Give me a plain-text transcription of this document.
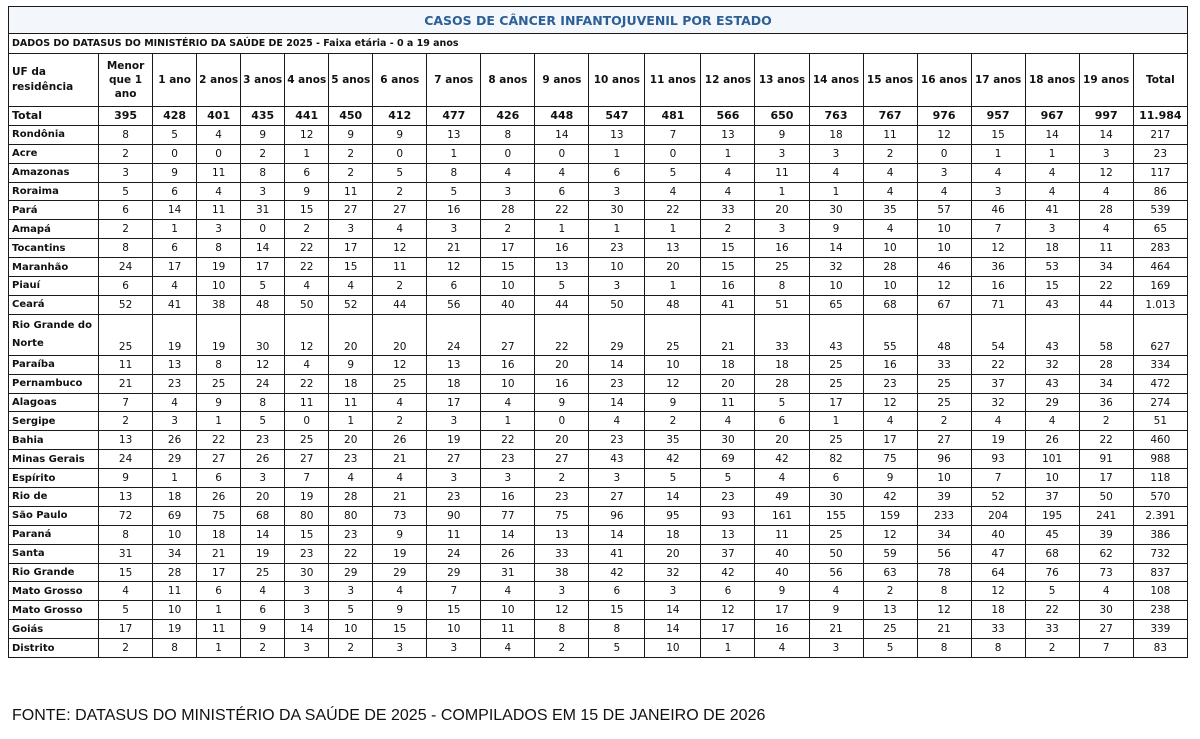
CASOS DE CÂNCER INFANTOJUVENIL POR ESTADO																					
DADOS DO DATASUS DO MINISTÉRIO DA SAÚDE DE 2025 - Faixa etária - 0 a 19 anos																					
UF da residência	Menor que 1 ano	1 ano	2 anos	3 anos	4 anos	5 anos	6 anos	7 anos	8 anos	9 anos	10 anos	11 anos	12 anos	13 anos	14 anos	15 anos	16 anos	17 anos	18 anos	19 anos	Total
Total	395	428	401	435	441	450	412	477	426	448	547	481	566	650	763	767	976	957	967	997	11.984
Rondônia	8	5	4	9	12	9	9	13	8	14	13	7	13	9	18	11	12	15	14	14	217
Acre	2	0	0	2	1	2	0	1	0	0	1	0	1	3	3	2	0	1	1	3	23
Amazonas	3	9	11	8	6	2	5	8	4	4	6	5	4	11	4	4	3	4	4	12	117
Roraima	5	6	4	3	9	11	2	5	3	6	3	4	4	1	1	4	4	3	4	4	86
Pará	6	14	11	31	15	27	27	16	28	22	30	22	33	20	30	35	57	46	41	28	539
Amapá	2	1	3	0	2	3	4	3	2	1	1	1	2	3	9	4	10	7	3	4	65
Tocantins	8	6	8	14	22	17	12	21	17	16	23	13	15	16	14	10	10	12	18	11	283
Maranhão	24	17	19	17	22	15	11	12	15	13	10	20	15	25	32	28	46	36	53	34	464
Piauí	6	4	10	5	4	4	2	6	10	5	3	1	16	8	10	10	12	16	15	22	169
Ceará	52	41	38	48	50	52	44	56	40	44	50	48	41	51	65	68	67	71	43	44	1.013
Rio Grande do Norte	25	19	19	30	12	20	20	24	27	22	29	25	21	33	43	55	48	54	43	58	627
Paraíba	11	13	8	12	4	9	12	13	16	20	14	10	18	18	25	16	33	22	32	28	334
Pernambuco	21	23	25	24	22	18	25	18	10	16	23	12	20	28	25	23	25	37	43	34	472
Alagoas	7	4	9	8	11	11	4	17	4	9	14	9	11	5	17	12	25	32	29	36	274
Sergipe	2	3	1	5	0	1	2	3	1	0	4	2	4	6	1	4	2	4	4	2	51
Bahia	13	26	22	23	25	20	26	19	22	20	23	35	30	20	25	17	27	19	26	22	460
Minas Gerais	24	29	27	26	27	23	21	27	23	27	43	42	69	42	82	75	96	93	101	91	988
Espírito	9	1	6	3	7	4	4	3	3	2	3	5	5	4	6	9	10	7	10	17	118
Rio de	13	18	26	20	19	28	21	23	16	23	27	14	23	49	30	42	39	52	37	50	570
São Paulo	72	69	75	68	80	80	73	90	77	75	96	95	93	161	155	159	233	204	195	241	2.391
Paraná	8	10	18	14	15	23	9	11	14	13	14	18	13	11	25	12	34	40	45	39	386
Santa	31	34	21	19	23	22	19	24	26	33	41	20	37	40	50	59	56	47	68	62	732
Rio Grande	15	28	17	25	30	29	29	29	31	38	42	32	42	40	56	63	78	64	76	73	837
Mato Grosso	4	11	6	4	3	3	4	7	4	3	6	3	6	9	4	2	8	12	5	4	108
Mato Grosso	5	10	1	6	3	5	9	15	10	12	15	14	12	17	9	13	12	18	22	30	238
Goiás	17	19	11	9	14	10	15	10	11	8	8	14	17	16	21	25	21	33	33	27	339
Distrito	2	8	1	2	3	2	3	3	4	2	5	10	1	4	3	5	8	8	2	7	83
FONTE: DATASUS DO MINISTÉRIO DA SAÚDE DE 2025 - COMPILADOS EM 15 DE JANEIRO DE 2026
